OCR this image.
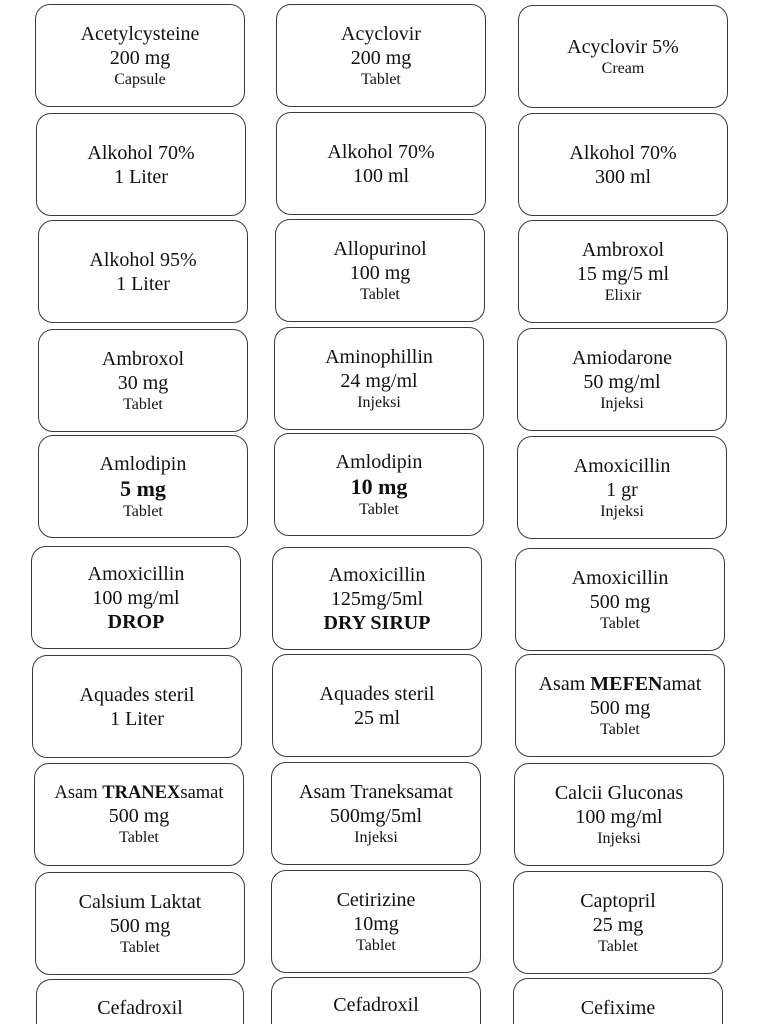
Acetylcysteine
200 mg
Capsule
Acyclovir
200 mg
Tablet
Acyclovir 5%
Cream
Alkohol 70%
1 Liter
Alkohol 70%
100 ml
Alkohol 70%
300 ml
Alkohol 95%
1 Liter
Allopurinol
100 mg
Tablet
Ambroxol
15 mg/5 ml
Elixir
Ambroxol
30 mg
Tablet
Aminophillin
24 mg/ml
Injeksi
Amiodarone
50 mg/ml
Injeksi
Amlodipin
5 mg
Tablet
Amlodipin
10 mg
Tablet
Amoxicillin
1 gr
Injeksi
Amoxicillin
100 mg/ml
DROP
Amoxicillin
125mg/5ml
DRY SIRUP
Amoxicillin
500 mg
Tablet
Aquades steril
1 Liter
Aquades steril
25 ml
Asam MEFENamat
500 mg
Tablet
Asam TRANEXsamat
500 mg
Tablet
Asam Traneksamat
500mg/5ml
Injeksi
Calcii Gluconas
100 mg/ml
Injeksi
Calsium Laktat
500 mg
Tablet
Cetirizine
10mg
Tablet
Captopril
25 mg
Tablet
Cefadroxil	Cefadroxil	Cefixime
